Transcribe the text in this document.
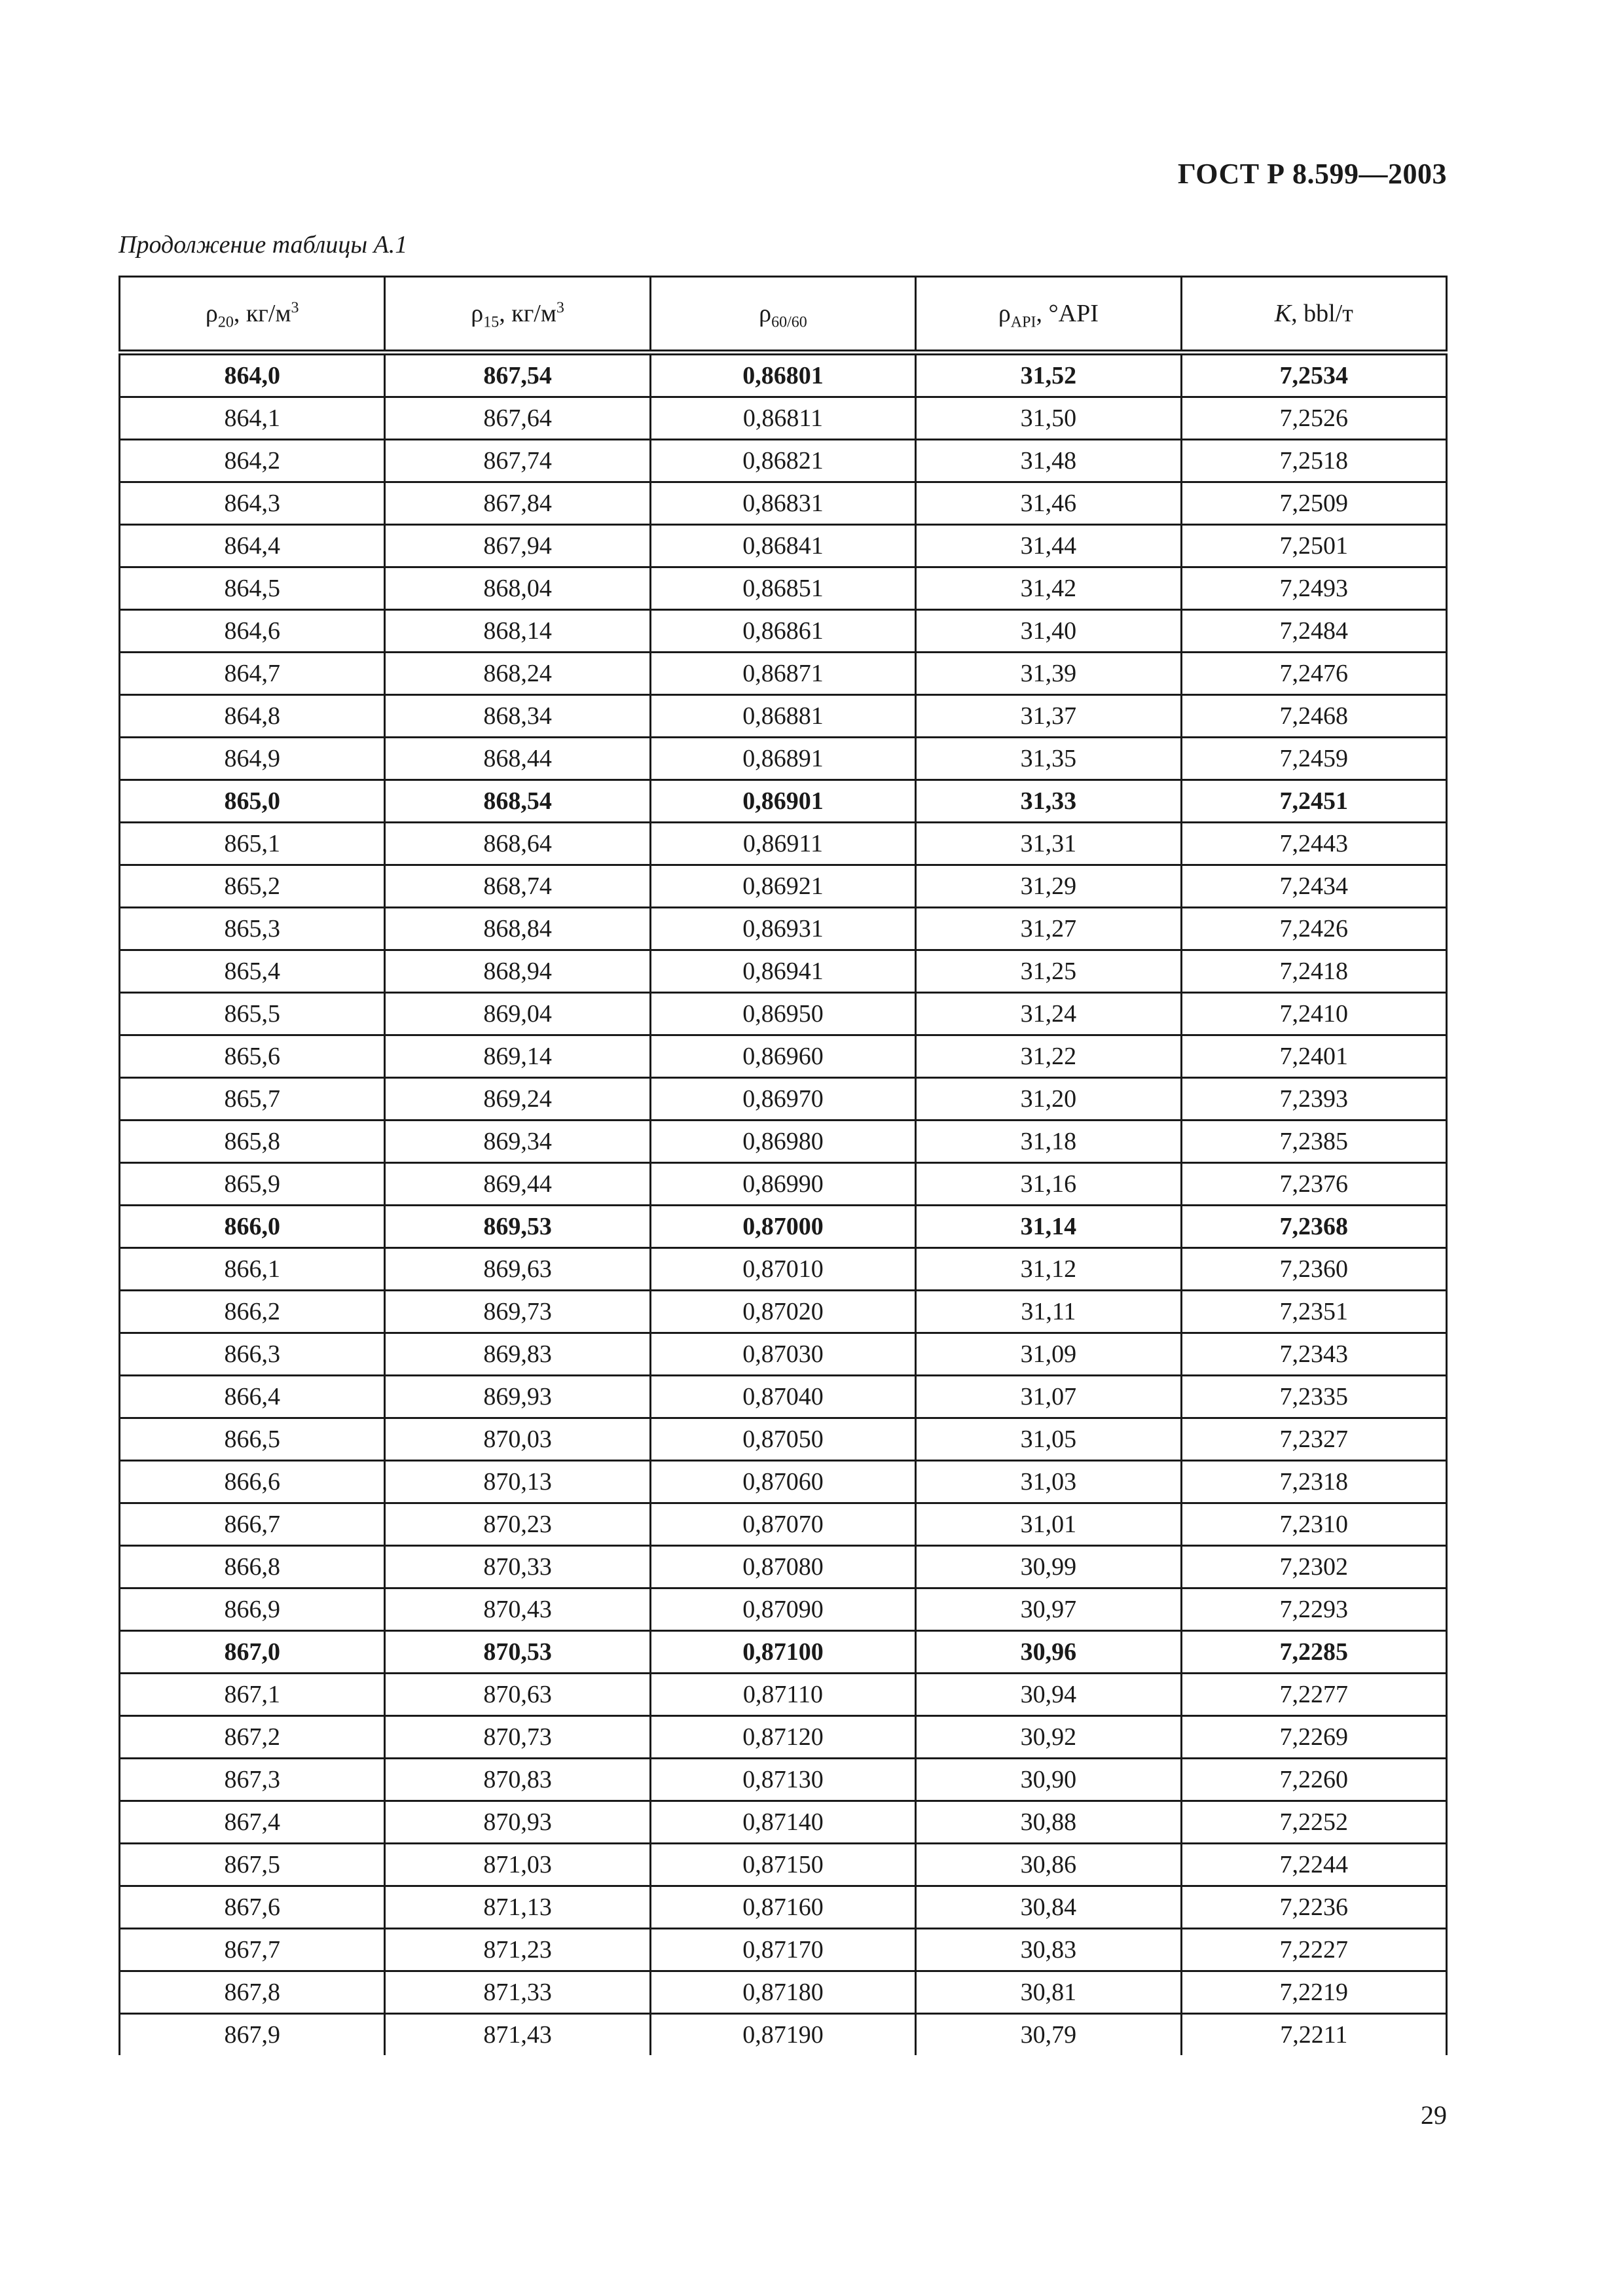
ГОСТ Р 8.599—2003
Продолжение таблицы А.1
$\rho_{20}$, $кг/м^3$	$\rho_{15}$, $кг/м^3$	$\rho_{60/60}$	$\rho_{API}$, °API	K, bbl/т
864,0	867,54	0,86801	31,52	7,2534
864,1	867,64	0,86811	31,50	7,2526
864,2	867,74	0,86821	31,48	7,2518
864,3	867,84	0,86831	31,46	7,2509
864,4	867,94	0,86841	31,44	7,2501
864,5	868,04	0,86851	31,42	7,2493
864,6	868,14	0,86861	31,40	7,2484
864,7	868,24	0,86871	31,39	7,2476
864,8	868,34	0,86881	31,37	7,2468
864,9	868,44	0,86891	31,35	7,2459
865,0	868,54	0,86901	31,33	7,2451
865,1	868,64	0,86911	31,31	7,2443
865,2	868,74	0,86921	31,29	7,2434
865,3	868,84	0,86931	31,27	7,2426
865,4	868,94	0,86941	31,25	7,2418
865,5	869,04	0,86950	31,24	7,2410
865,6	869,14	0,86960	31,22	7,2401
865,7	869,24	0,86970	31,20	7,2393
865,8	869,34	0,86980	31,18	7,2385
865,9	869,44	0,86990	31,16	7,2376
866,0	869,53	0,87000	31,14	7,2368
866,1	869,63	0,87010	31,12	7,2360
866,2	869,73	0,87020	31,11	7,2351
866,3	869,83	0,87030	31,09	7,2343
866,4	869,93	0,87040	31,07	7,2335
866,5	870,03	0,87050	31,05	7,2327
866,6	870,13	0,87060	31,03	7,2318
866,7	870,23	0,87070	31,01	7,2310
866,8	870,33	0,87080	30,99	7,2302
866,9	870,43	0,87090	30,97	7,2293
867,0	870,53	0,87100	30,96	7,2285
867,1	870,63	0,87110	30,94	7,2277
867,2	870,73	0,87120	30,92	7,2269
867,3	870,83	0,87130	30,90	7,2260
867,4	870,93	0,87140	30,88	7,2252
867,5	871,03	0,87150	30,86	7,2244
867,6	871,13	0,87160	30,84	7,2236
867,7	871,23	0,87170	30,83	7,2227
867,8	871,33	0,87180	30,81	7,2219
867,9	871,43	0,87190	30,79	7,2211
29
